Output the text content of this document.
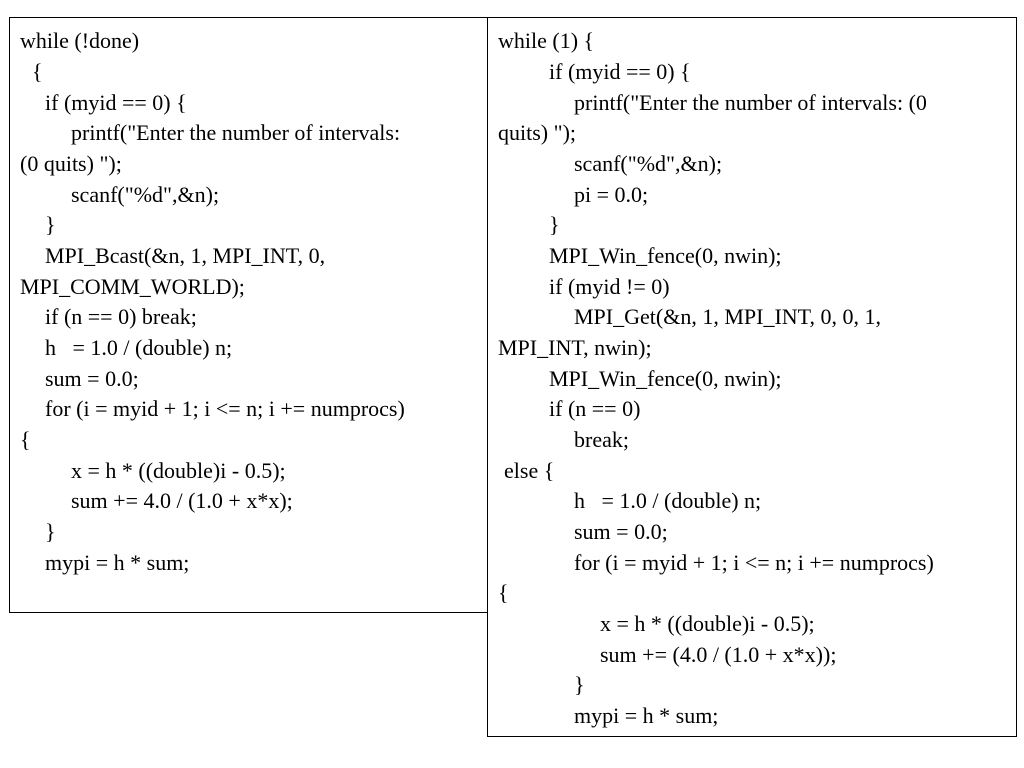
while (!done)
{
if (myid == 0) {
printf("Enter the number of intervals:
(0 quits) ");
scanf("%d",&n);
}
MPI_Bcast(&n, 1, MPI_INT, 0,
MPI_COMM_WORLD);
if (n == 0) break;
h   = 1.0 / (double) n;
sum = 0.0;
for (i = myid + 1; i <= n; i += numprocs)
{
x = h * ((double)i - 0.5);
sum += 4.0 / (1.0 + x*x);
}
mypi = h * sum;
while (1) {
if (myid == 0) {
printf("Enter the number of intervals: (0
quits) ");
scanf("%d",&n);
pi = 0.0;
}
MPI_Win_fence(0, nwin);
if (myid != 0)
MPI_Get(&n, 1, MPI_INT, 0, 0, 1,
MPI_INT, nwin);
MPI_Win_fence(0, nwin);
if (n == 0)
break;
else {
h   = 1.0 / (double) n;
sum = 0.0;
for (i = myid + 1; i <= n; i += numprocs)
{
x = h * ((double)i - 0.5);
sum += (4.0 / (1.0 + x*x));
}
mypi = h * sum;
